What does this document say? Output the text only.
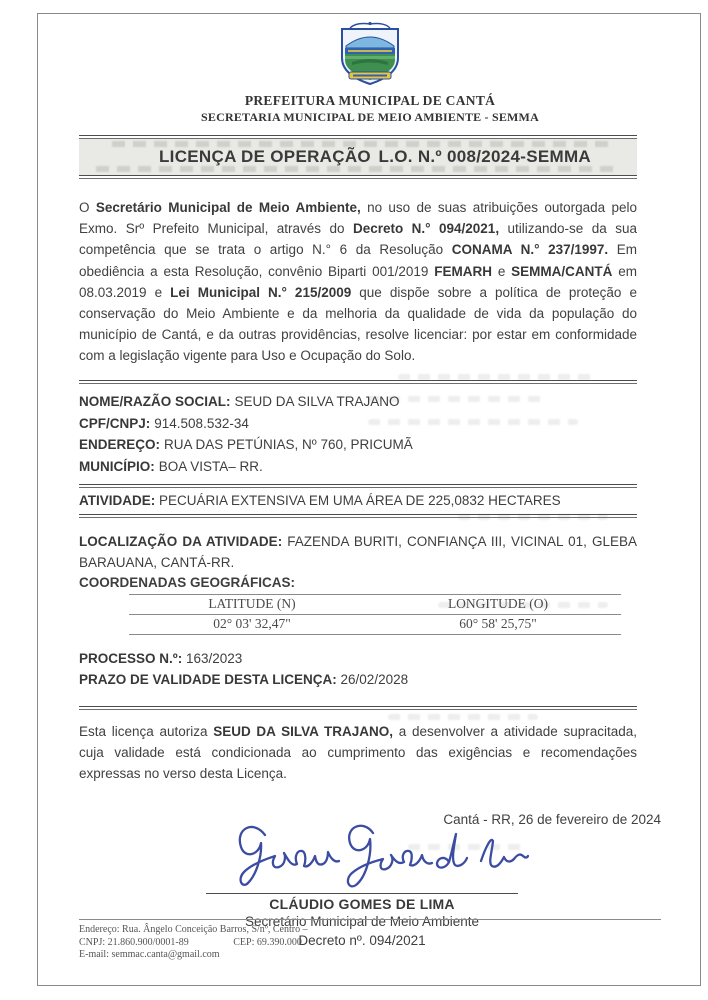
PREFEITURA MUNICIPAL DE CANTÁ
SECRETARIA MUNICIPAL DE MEIO AMBIENTE - SEMMA
LICENÇA DE OPERAÇÃO L.O. N.º 008/2024-SEMMA

O Secretário Municipal de Meio Ambiente, no uso de suas atribuições outorgada pelo Exmo. Srº Prefeito Municipal, através do Decreto N.° 094/2021, utilizando-se da sua competência que se trata o artigo N.° 6 da Resolução CONAMA N.° 237/1997. Em obediência a esta Resolução, convênio Biparti 001/2019 FEMARH e SEMMA/CANTÁ em 08.03.2019 e Lei Municipal N.° 215/2009 que dispõe sobre a política de proteção e conservação do Meio Ambiente e da melhoria da qualidade de vida da população do município de Cantá, e da outras providências, resolve licenciar: por estar em conformidade com a legislação vigente para Uso e Ocupação do Solo.

NOME/RAZÃO SOCIAL: SEUD DA SILVA TRAJANO
CPF/CNPJ: 914.508.532-34
ENDEREÇO: RUA DAS PETÚNIAS, Nº 760, PRICUMÃ
MUNICÍPIO: BOA VISTA– RR.
ATIVIDADE: PECUÁRIA EXTENSIVA EM UMA ÁREA DE 225,0832 HECTARES
LOCALIZAÇÃO DA ATIVIDADE: FAZENDA BURITI, CONFIANÇA III, VICINAL 01, GLEBA BARAUANA, CANTÁ-RR.
COORDENADAS GEOGRÁFICAS:
LATITUDE (N)	LONGITUDE (O)
02° 03' 32,47"	60° 58' 25,75"
PROCESSO N.º: 163/2023
PRAZO DE VALIDADE DESTA LICENÇA: 26/02/2028

Esta licença autoriza SEUD DA SILVA TRAJANO, a desenvolver a atividade supracitada, cuja validade está condicionada ao cumprimento das exigências e recomendações expressas no verso desta Licença.

Cantá - RR, 26 de fevereiro de 2024
CLÁUDIO GOMES DE LIMA
Secretário Municipal de Meio Ambiente
Decreto nº. 094/2021
Endereço: Rua. Ângelo Conceição Barros, S/nº, Centro –
CNPJ: 21.860.900/0001-89	CEP: 69.390.000
E-mail: semmac.canta@gmail.com
